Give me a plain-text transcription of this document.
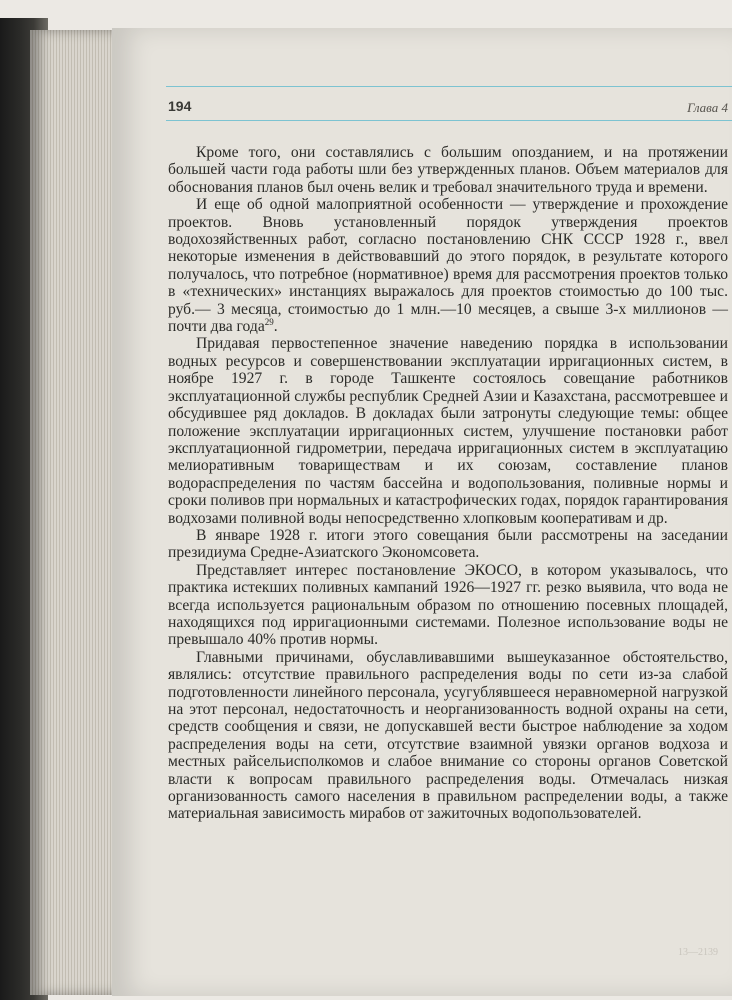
194	Глава 4

Кроме того, они составлялись с большим опозданием, и на протяжении большей части года работы шли без утвержденных планов. Объем материалов для обоснования планов был очень велик и требовал значительного труда и времени.

И еще об одной малоприятной особенности — утверждение и прохождение проектов. Вновь установленный порядок утверждения проектов водохозяйственных работ, согласно постановлению СНК СССР 1928 г., ввел некоторые изменения в действовавший до этого порядок, в результате которого получалось, что потребное (нормативное) время для рассмотрения проектов только в «технических» инстанциях выражалось для проектов стоимостью до 100 тыс. руб.— 3 месяца, стоимостью до 1 млн.—10 месяцев, а свыше 3-х миллионов — почти два года$^{29}$.

Придавая первостепенное значение наведению порядка в использовании водных ресурсов и совершенствовании эксплуатации ирригационных систем, в ноябре 1927 г. в городе Ташкенте состоялось совещание работников эксплуатационной службы республик Средней Азии и Казахстана, рассмотревшее и обсудившее ряд докладов. В докладах были затронуты следующие темы: общее положение эксплуатации ирригационных систем, улучшение постановки работ эксплуатационной гидрометрии, передача ирригационных систем в эксплуатацию мелиоративным товариществам и их союзам, составление планов водораспределения по частям бассейна и водопользования, поливные нормы и сроки поливов при нормальных и катастрофических годах, порядок гарантирования водхозами поливной воды непосредственно хлопковым кооперативам и др.

В январе 1928 г. итоги этого совещания были рассмотрены на заседании президиума Средне-Азиатского Экономсовета.

Представляет интерес постановление ЭКОСО, в котором указывалось, что практика истекших поливных кампаний 1926—1927 гг. резко выявила, что вода не всегда используется рациональным образом по отношению посевных площадей, находящихся под ирригационными системами. Полезное использование воды не превышало 40% против нормы.

Главными причинами, обуславливавшими вышеуказанное обстоятельство, являлись: отсутствие правильного распределения воды по сети из-за слабой подготовленности линейного персонала, усугублявшееся неравномерной нагрузкой на этот персонал, недостаточность и неорганизованность водной охраны на сети, средств сообщения и связи, не допускавшей вести быстрое наблюдение за ходом распределения воды на сети, отсутствие взаимной увязки органов водхоза и местных райсельисполкомов и слабое внимание со стороны органов Советской власти к вопросам правильного распределения воды. Отмечалась низкая организованность самого населения в правильном распределении воды, а также материальная зависимость мирабов от зажиточных водопользователей.

13—2139
